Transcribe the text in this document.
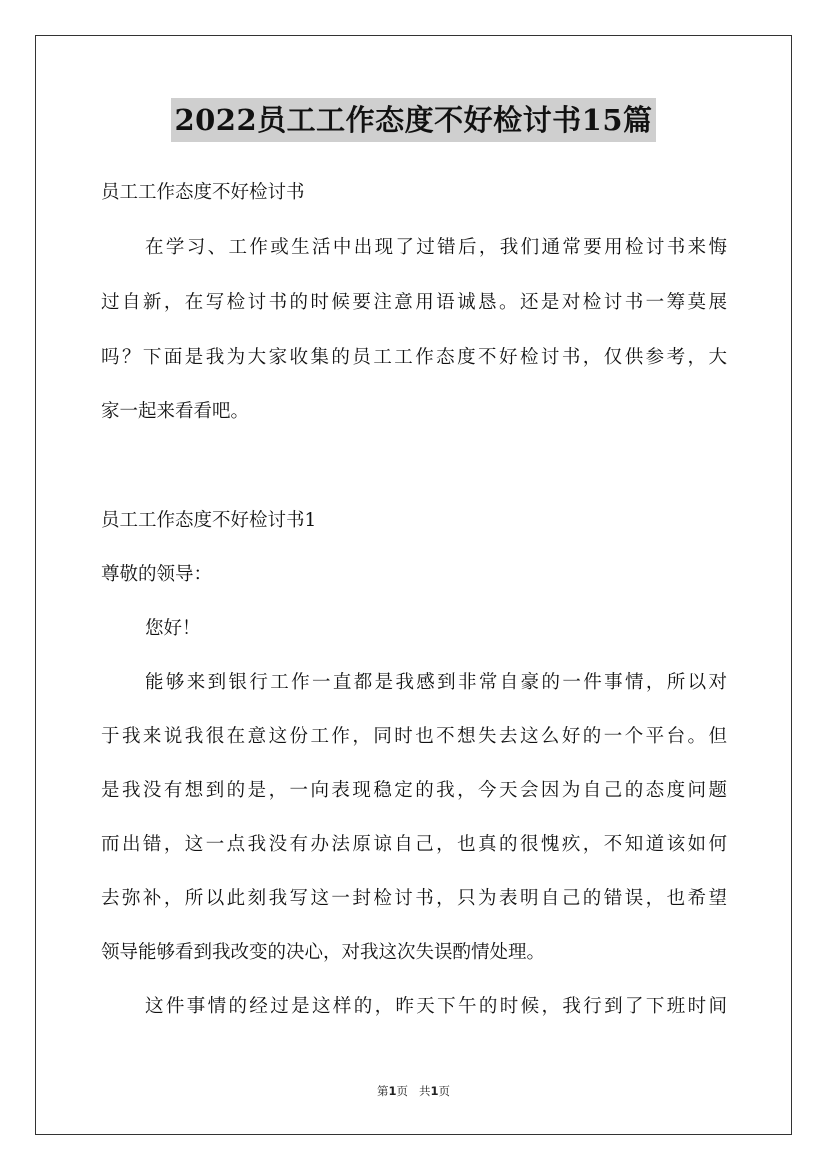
2022员工工作态度不好检讨书15篇

员工工作态度不好检讨书

在学习、工作或生活中出现了过错后，我们通常要用检讨书来悔

过自新，在写检讨书的时候要注意用语诚恳。还是对检讨书一筹莫展

吗？下面是我为大家收集的员工工作态度不好检讨书，仅供参考，大

家一起来看看吧。

员工工作态度不好检讨书1

尊敬的领导：

您好！

能够来到银行工作一直都是我感到非常自豪的一件事情，所以对

于我来说我很在意这份工作，同时也不想失去这么好的一个平台。但

是我没有想到的是，一向表现稳定的我，今天会因为自己的态度问题

而出错，这一点我没有办法原谅自己，也真的很愧疚，不知道该如何

去弥补，所以此刻我写这一封检讨书，只为表明自己的错误，也希望

领导能够看到我改变的决心，对我这次失误酌情处理。

这件事情的经过是这样的，昨天下午的时候，我行到了下班时间

第1页   共1页
